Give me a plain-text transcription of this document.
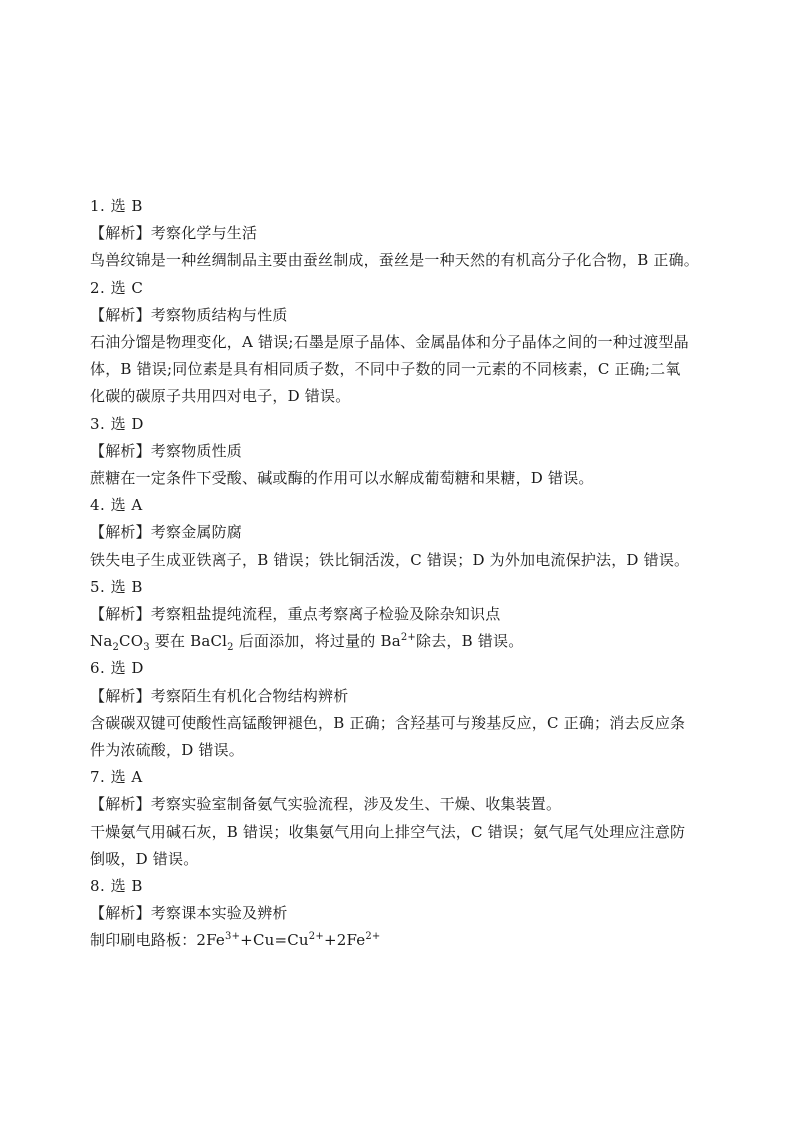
1. 选 B
【解析】考察化学与生活
鸟兽纹锦是一种丝绸制品主要由蚕丝制成，蚕丝是一种天然的有机高分子化合物，B 正确。
2. 选 C
【解析】考察物质结构与性质
石油分馏是物理变化，A 错误;石墨是原子晶体、金属晶体和分子晶体之间的一种过渡型晶
体，B 错误;同位素是具有相同质子数，不同中子数的同一元素的不同核素，C 正确;二氧
化碳的碳原子共用四对电子，D 错误。
3. 选 D
【解析】考察物质性质
蔗糖在一定条件下受酸、碱或酶的作用可以水解成葡萄糖和果糖，D 错误。
4. 选 A
【解析】考察金属防腐
铁失电子生成亚铁离子，B 错误；铁比铜活泼，C 错误；D 为外加电流保护法，D 错误。
5. 选 B
【解析】考察粗盐提纯流程，重点考察离子检验及除杂知识点
$Na_2CO_3$ 要在 BaCl$_2$ 后面添加，将过量的 $Ba^{2+}$除去，B 错误。
6. 选 D
【解析】考察陌生有机化合物结构辨析
含碳碳双键可使酸性高锰酸钾褪色，B 正确；含羟基可与羧基反应，C 正确；消去反应条
件为浓硫酸，D 错误。
7. 选 A
【解析】考察实验室制备氨气实验流程，涉及发生、干燥、收集装置。
干燥氨气用碱石灰，B 错误；收集氨气用向上排空气法，C 错误；氨气尾气处理应注意防
倒吸，D 错误。
8. 选 B
【解析】考察课本实验及辨析
制印刷电路板：$2Fe^{3+}+Cu=Cu^{2+}+2Fe^{2+}$
